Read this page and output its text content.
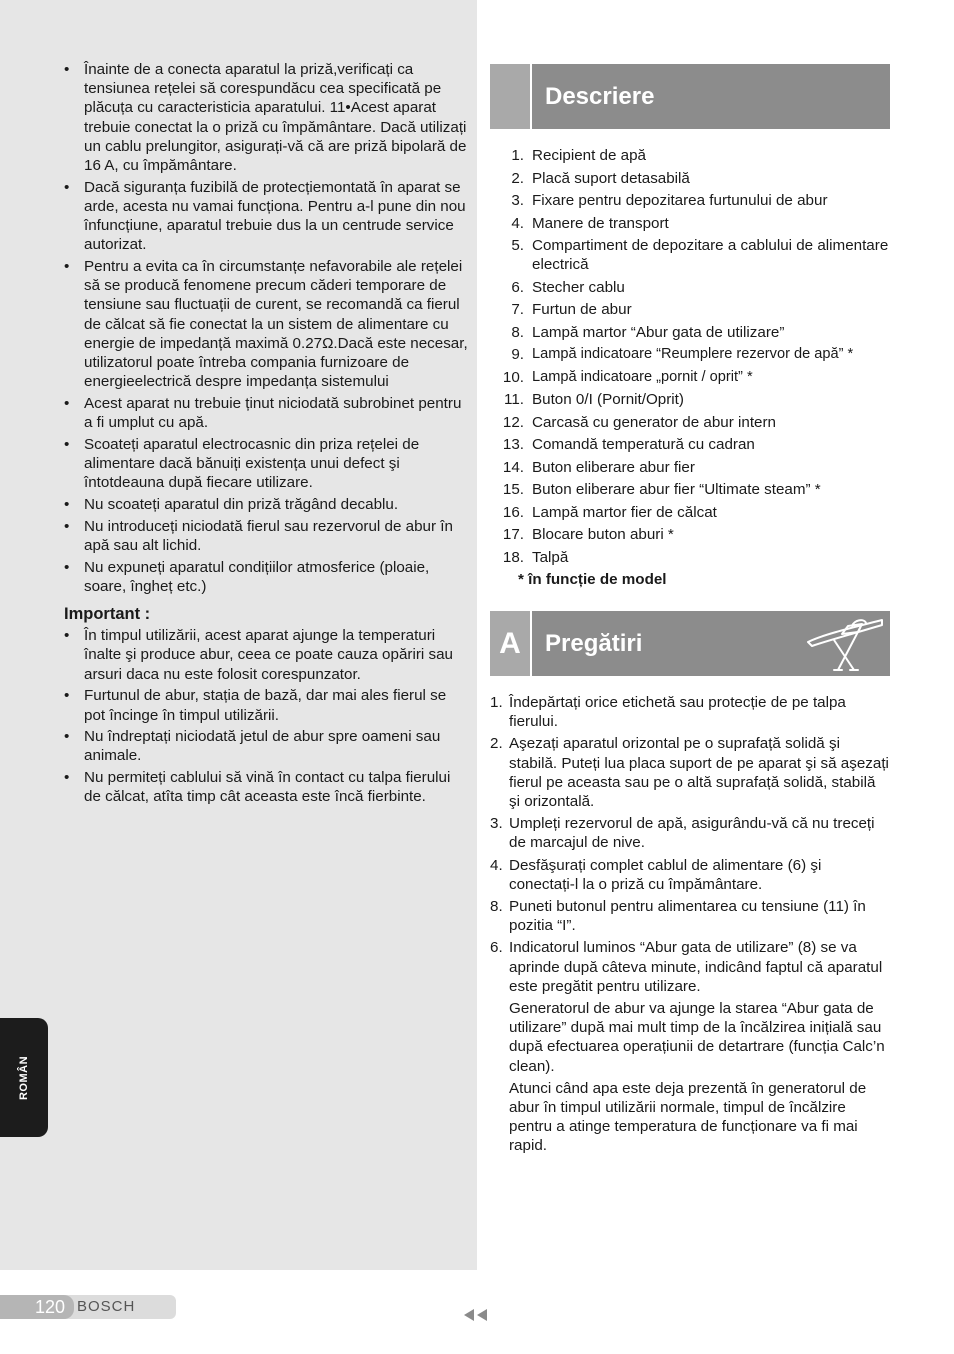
• Înainte de a conecta aparatul la priză,verificați ca tensiunea rețelei să corespundăcu cea specificată pe plăcuța cu caracteristicia aparatului. 11•Acest aparat trebuie conectat la o priză cu împământare. Dacă utilizați un cablu prelungitor, asigurați-vă că are priză bipolară de 16 A, cu împământare.
• Dacă siguranța fuzibilă de protecțiemontată în aparat se arde, acesta nu vamai funcționa. Pentru a-l pune din nou înfuncțiune, aparatul trebuie dus la un centrude service autorizat.
• Pentru a evita ca în circumstanțe nefavorabile ale rețelei să se producă fenomene precum căderi temporare de tensiune sau fluctuații de curent, se recomandă ca fierul de călcat să fie conectat la un sistem de alimentare cu energie de impedanță maximă 0.27Ω.Dacă este necesar, utilizatorul poate întreba compania furnizoare de energieelectrică despre impedanța sistemului
• Acest aparat nu trebuie ținut niciodată subrobinet pentru a fi umplut cu apă.
• Scoateți aparatul electrocasnic din priza rețelei de alimentare dacă bănuiți existența unui defect şi întotdeauna după fiecare utilizare.
• Nu scoateți aparatul din priză trăgând decablu.
• Nu introduceți niciodată fierul sau rezervorul de abur în apă sau alt lichid.
• Nu expuneți aparatul condițiilor atmosferice (ploaie, soare, îngheț etc.)
Important :
• În timpul utilizării, acest aparat ajunge la temperaturi înalte şi produce abur, ceea ce poate cauza opăriri sau arsuri daca nu este folosit corespunzator.
• Furtunul de abur, stația de bază, dar mai ales fierul se pot încinge în timpul utilizării.
• Nu îndreptați niciodată jetul de abur spre oameni sau animale.
• Nu permiteți cablului să vină în contact cu talpa fierului de călcat, atîta timp cât aceasta este încă fierbinte.
ROMÂN
Descriere
1. Recipient de apă
2. Placă suport detasabilă
3. Fixare pentru depozitarea furtunului de abur
4. Manere de transport
5. Compartiment de depozitare a cablului de alimentare electrică
6. Stecher cablu
7. Furtun de abur
8. Lampă martor “Abur gata de utilizare”
9. Lampă indicatoare “Reumplere rezervor de apă” *
10. Lampă indicatoare „pornit / oprit” *
11. Buton 0/I (Pornit/Oprit)
12. Carcasă cu generator de abur intern
13. Comandă temperatură cu cadran
14. Buton eliberare abur fier
15. Buton eliberare abur fier “Ultimate steam” *
16. Lampă martor fier de călcat
17. Blocare buton aburi *
18. Talpă
* în funcție de model
A	Pregătiri
1. Îndepărtați orice etichetă sau protecție de pe talpa fierului.
2. Aşezați aparatul orizontal pe o suprafață solidă şi stabilă. Puteți lua placa suport de pe aparat şi să aşezați fierul pe aceasta sau pe o altă suprafață solidă, stabilă şi orizontală.
3. Umpleți rezervorul de apă, asigurându-vă că nu treceți de marcajul de nive.
4. Desfăşurați complet cablul de alimentare (6) şi conectați-l la o priză cu împământare.
8. Puneti butonul pentru alimentarea cu tensiune (11) în pozitia “I”.
6. Indicatorul luminos “Abur gata de utilizare” (8) se va aprinde după câteva minute, indicând faptul că aparatul este pregătit pentru utilizare.
Generatorul de abur va ajunge la starea “Abur gata de utilizare” după mai mult timp de la încălzirea inițială sau după efectuarea operațiunii de detartrare (funcția Calc’n clean).
Atunci când apa este deja prezentă în generatorul de abur în timpul utilizării normale, timpul de încălzire pentru a atinge temperatura de funcționare va fi mai rapid.
120 BOSCH
